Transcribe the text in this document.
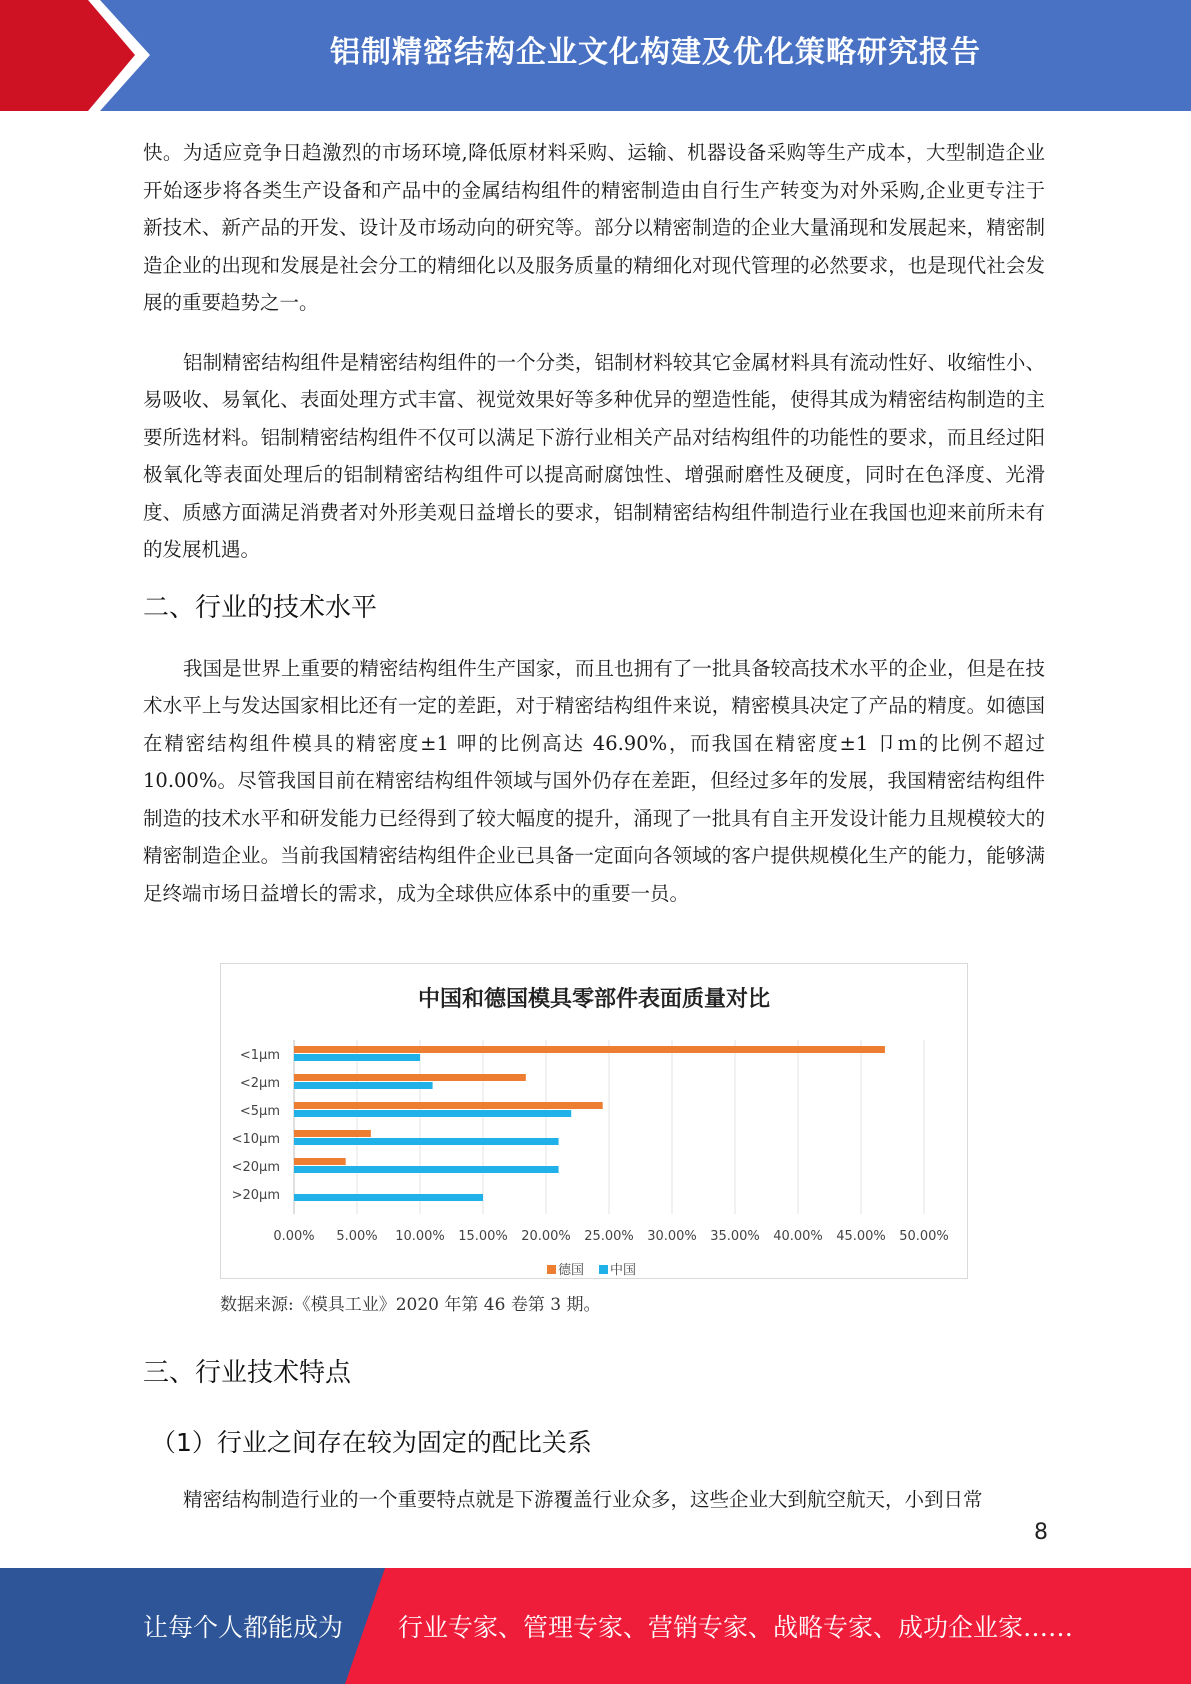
铝制精密结构企业文化构建及优化策略研究报告

快。为适应竞争日趋激烈的市场环境,降低原材料采购、运输、机器设备采购等生产成本，大型制造企业开始逐步将各类生产设备和产品中的金属结构组件的精密制造由自行生产转变为对外采购,企业更专注于新技术、新产品的开发、设计及市场动向的研究等。部分以精密制造的企业大量涌现和发展起来，精密制造企业的出现和发展是社会分工的精细化以及服务质量的精细化对现代管理的必然要求，也是现代社会发展的重要趋势之一。

铝制精密结构组件是精密结构组件的一个分类，铝制材料较其它金属材料具有流动性好、收缩性小、易吸收、易氧化、表面处理方式丰富、视觉效果好等多种优异的塑造性能，使得其成为精密结构制造的主要所选材料。铝制精密结构组件不仅可以满足下游行业相关产品对结构组件的功能性的要求，而且经过阳极氧化等表面处理后的铝制精密结构组件可以提高耐腐蚀性、增强耐磨性及硬度，同时在色泽度、光滑度、质感方面满足消费者对外形美观日益增长的要求，铝制精密结构组件制造行业在我国也迎来前所未有的发展机遇。

二、行业的技术水平

我国是世界上重要的精密结构组件生产国家，而且也拥有了一批具备较高技术水平的企业，但是在技术水平上与发达国家相比还有一定的差距，对于精密结构组件来说，精密模具决定了产品的精度。如德国在精密结构组件模具的精密度±1 呷的比例高达 46.90%，而我国在精密度±1 卩ｍ的比例不超过 10.00%。尽管我国目前在精密结构组件领域与国外仍存在差距，但经过多年的发展，我国精密结构组件制造的技术水平和研发能力已经得到了较大幅度的提升，涌现了一批具有自主开发设计能力且规模较大的精密制造企业。当前我国精密结构组件企业已具备一定面向各领域的客户提供规模化生产的能力，能够满足终端市场日益增长的需求，成为全球供应体系中的重要一员。

中国和德国模具零部件表面质量对比
0.00% 5.00% 10.00% 15.00% 20.00% 25.00% 30.00% 35.00% 40.00% 45.00% 50.00%
<1μm
<2μm
<5μm
<10μm
<20μm
>20μm
德国 中国
数据来源:《模具工业》2020 年第 46 卷第 3 期。
三、行业技术特点
（1）行业之间存在较为固定的配比关系

精密结构制造行业的一个重要特点就是下游覆盖行业众多，这些企业大到航空航天，小到日常

8
让每个人都能成为 行业专家、管理专家、营销专家、战略专家、成功企业家……
